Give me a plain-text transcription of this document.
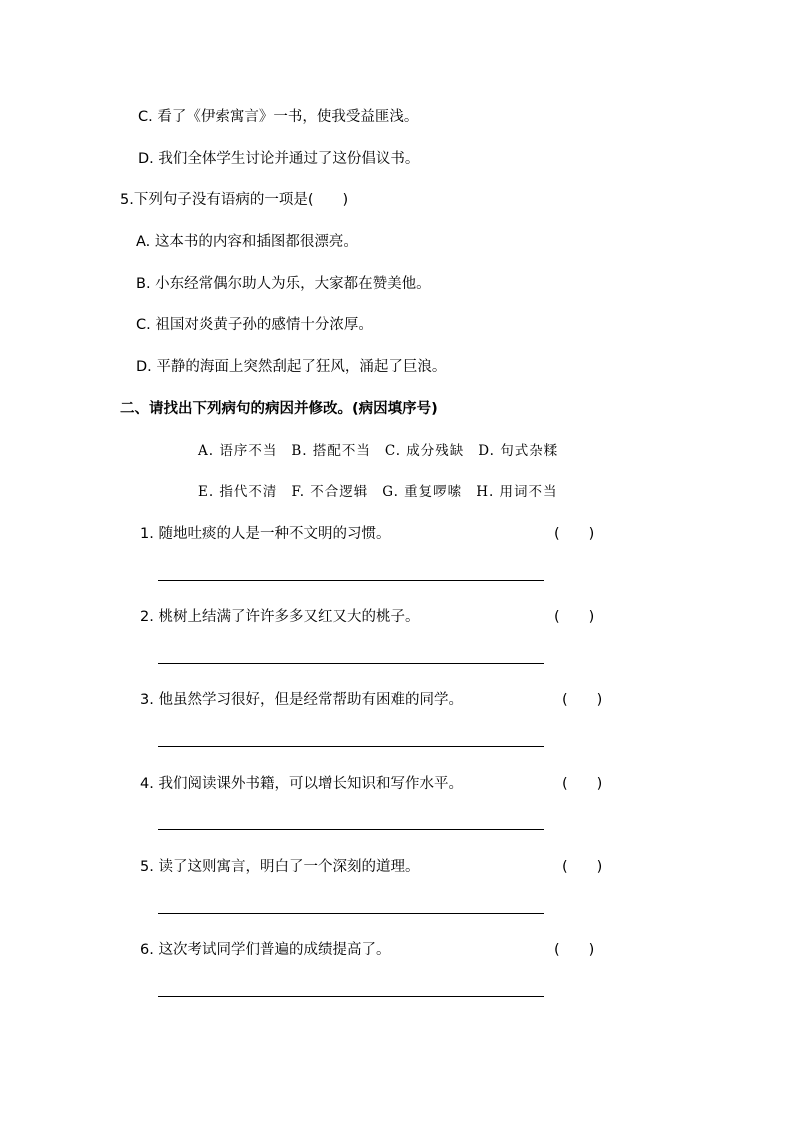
C. 看了《伊索寓言》一书，使我受益匪浅。
D. 我们全体学生讨论并通过了这份倡议书。
5.下列句子没有语病的一项是(　　)
A. 这本书的内容和插图都很漂亮。
B. 小东经常偶尔助人为乐，大家都在赞美他。
C. 祖国对炎黄子孙的感情十分浓厚。
D. 平静的海面上突然刮起了狂风，涌起了巨浪。
二、请找出下列病句的病因并修改。(病因填序号)
A. 语序不当 B. 搭配不当 C. 成分残缺 D. 句式杂糅
E. 指代不清 F. 不合逻辑 G. 重复啰嗦 H. 用词不当
1. 随地吐痰的人是一种不文明的习惯。	(　　)
2. 桃树上结满了许许多多又红又大的桃子。	(　　)
3. 他虽然学习很好，但是经常帮助有困难的同学。	(　　)
4. 我们阅读课外书籍，可以增长知识和写作水平。	(　　)
5. 读了这则寓言，明白了一个深刻的道理。	(　　)
6. 这次考试同学们普遍的成绩提高了。	(　　)
